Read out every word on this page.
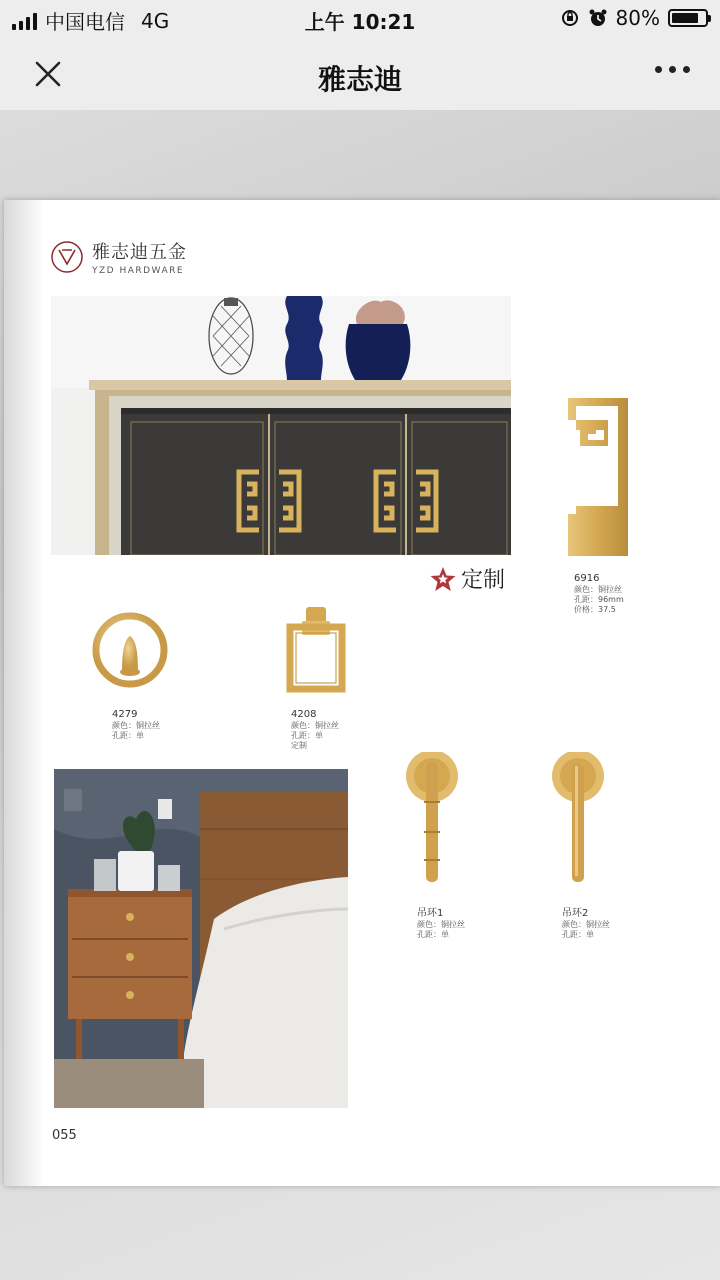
中国电信 4G	上午 10:21	80%
雅志迪
雅志迪五金
YZD HARDWARE
6916
颜色：铜拉丝
孔距：96mm
价格：37.5
定制
4279
颜色：铜拉丝
孔距：单
4208
颜色：铜拉丝
孔距：单
定制
吊环1
颜色：铜拉丝
孔距：单
吊环2
颜色：铜拉丝
孔距：单
055
